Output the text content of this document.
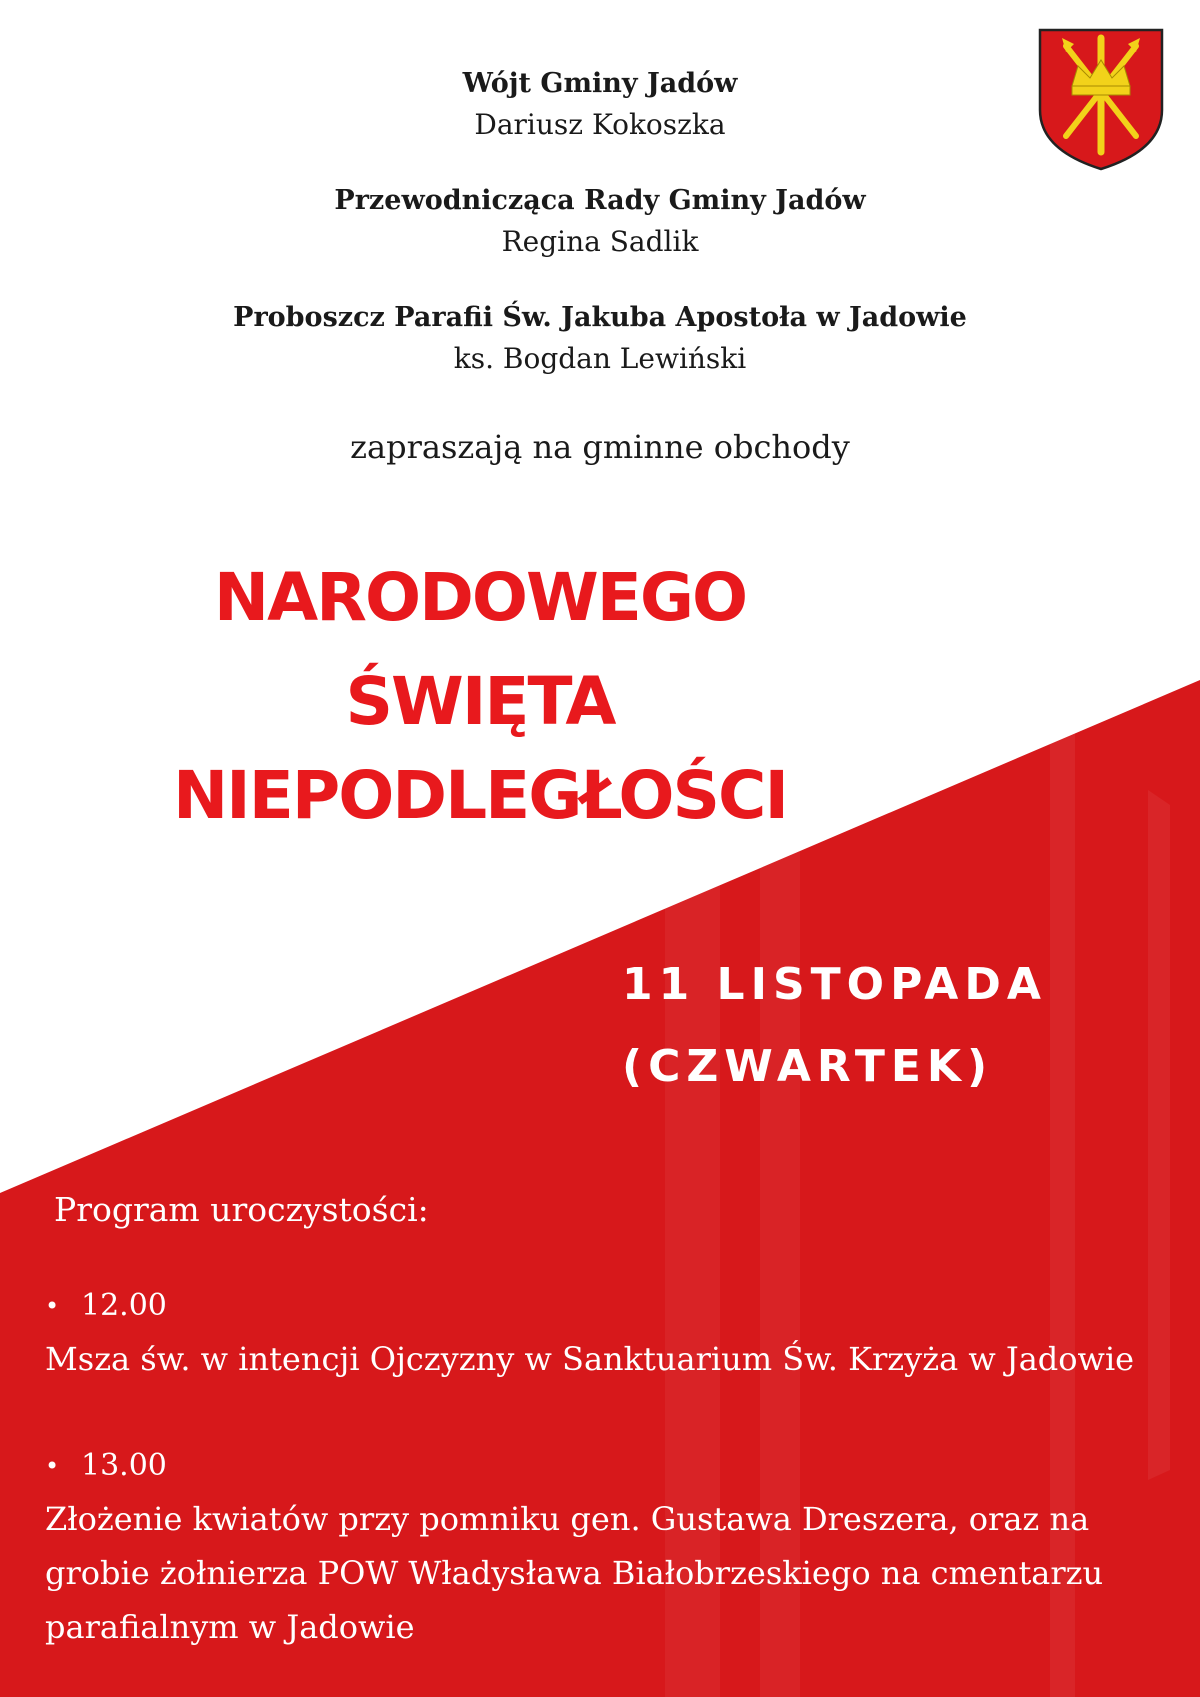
Wójt Gminy Jadów
Dariusz Kokoszka
Przewodnicząca Rady Gminy Jadów
Regina Sadlik
Proboszcz Parafii Św. Jakuba Apostoła w Jadowie
ks. Bogdan Lewiński
zapraszają na gminne obchody
NARODOWEGO
ŚWIĘTA
NIEPODLEGŁOŚCI
11 LISTOPADA
(CZWARTEK)
Program uroczystości:
• 12.00
Msza św. w intencji Ojczyzny w Sanktuarium Św. Krzyża w Jadowie
• 13.00
Złożenie kwiatów przy pomniku gen. Gustawa Dreszera, oraz na grobie żołnierza POW Władysława Białobrzeskiego na cmentarzu parafialnym w Jadowie
